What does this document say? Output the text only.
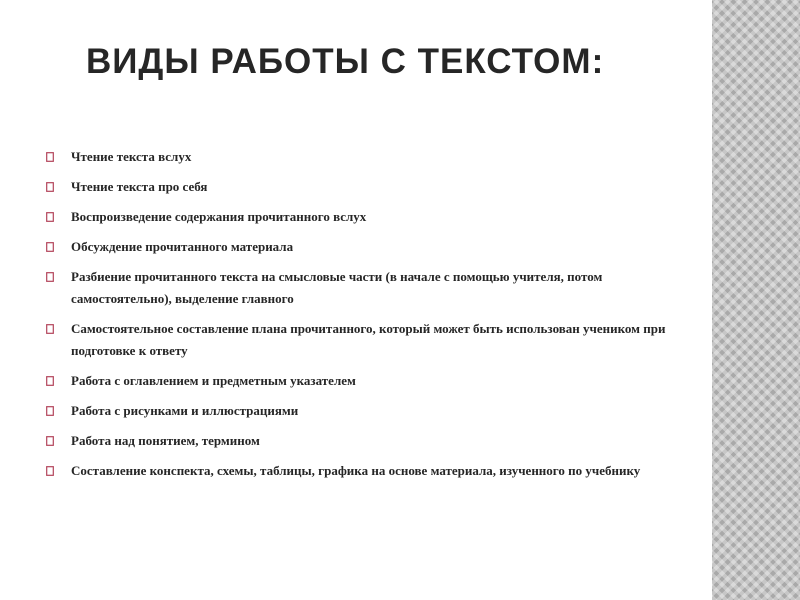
ВИДЫ РАБОТЫ С ТЕКСТОМ:
Чтение текста вслух
Чтение текста про себя
Воспроизведение содержания прочитанного вслух
Обсуждение прочитанного материала
Разбиение прочитанного текста на смысловые части (в начале с помощью учителя, потом самостоятельно), выделение главного
Самостоятельное составление плана прочитанного, который может быть использован учеником при подготовке к ответу
Работа с оглавлением и предметным указателем
Работа с рисунками и иллюстрациями
Работа над понятием, термином
Составление конспекта, схемы, таблицы, графика на основе материала, изученного по учебнику
